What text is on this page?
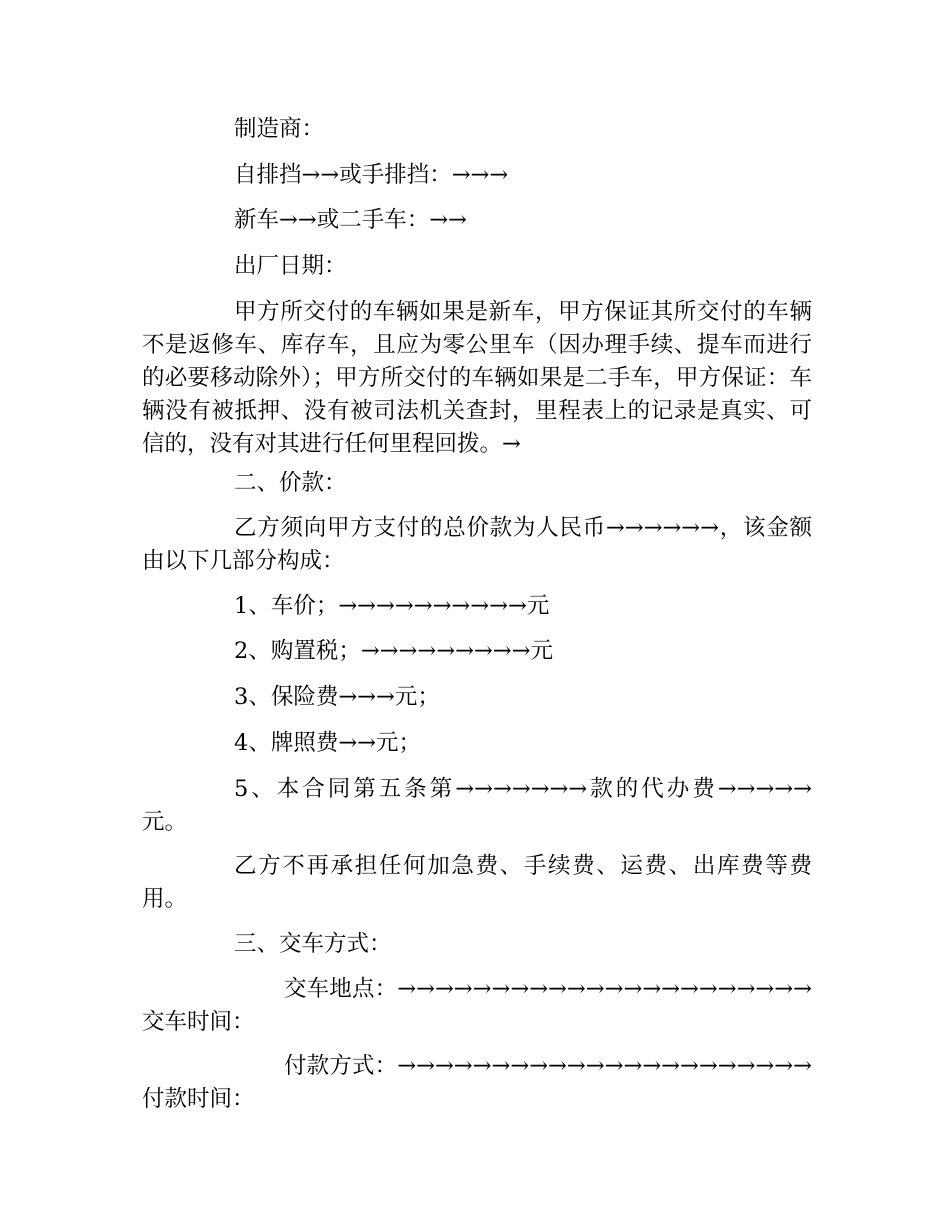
制造商：

自排挡→→或手排挡：→→→

新车→→或二手车：→→

出厂日期：

甲方所交付的车辆如果是新车，甲方保证其所交付的车辆不是返修车、库存车，且应为零公里车（因办理手续、提车而进行的必要移动除外）；甲方所交付的车辆如果是二手车，甲方保证：车辆没有被抵押、没有被司法机关查封，里程表上的记录是真实、可信的，没有对其进行任何里程回拨。→

二、价款：

乙方须向甲方支付的总价款为人民币→→→→→→，该金额由以下几部分构成：

1、车价；→→→→→→→→→→元

2、购置税；→→→→→→→→→元

3、保险费→→→元；

4、牌照费→→元；

5、本合同第五条第→→→→→→→款的代办费→→→→→元。

乙方不再承担任何加急费、手续费、运费、出库费等费用。

三、交车方式：

交车地点：→→→→→→→→→→→→→→→→→→→→→→交车时间：

付款方式：→→→→→→→→→→→→→→→→→→→→→→付款时间：
